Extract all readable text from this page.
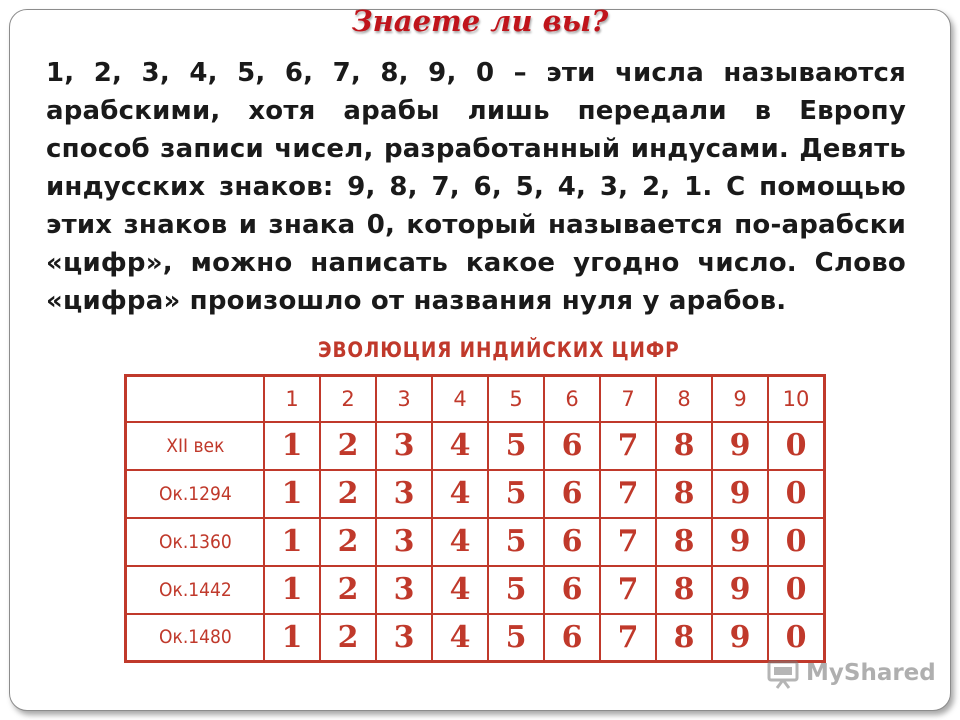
Знаете ли вы?
1, 2, 3, 4, 5, 6, 7, 8, 9, 0 – эти числа называются арабскими, хотя арабы лишь передали в Европу способ записи чисел, разработанный индусами. Девять индусских знаков: 9, 8, 7, 6, 5, 4, 3, 2, 1. С помощью этих знаков и знака 0, который называется по-арабски «цифр», можно написать какое угодно число. Слово «цифра» произошло от названия нуля у арабов.
ЭВОЛЮЦИЯ ИНДИЙСКИХ ЦИФР
	1	2	3	4	5	6	7	8	9	10
XII век	1	2	3	4	5	6	7	8	9	0
Ок.1294	1	2	3	4	5	6	7	8	9	0
Ок.1360	1	2	3	4	5	6	7	8	9	0
Ок.1442	1	2	3	4	5	6	7	8	9	0
Ок.1480	1	2	3	4	5	6	7	8	9	0
MyShared
